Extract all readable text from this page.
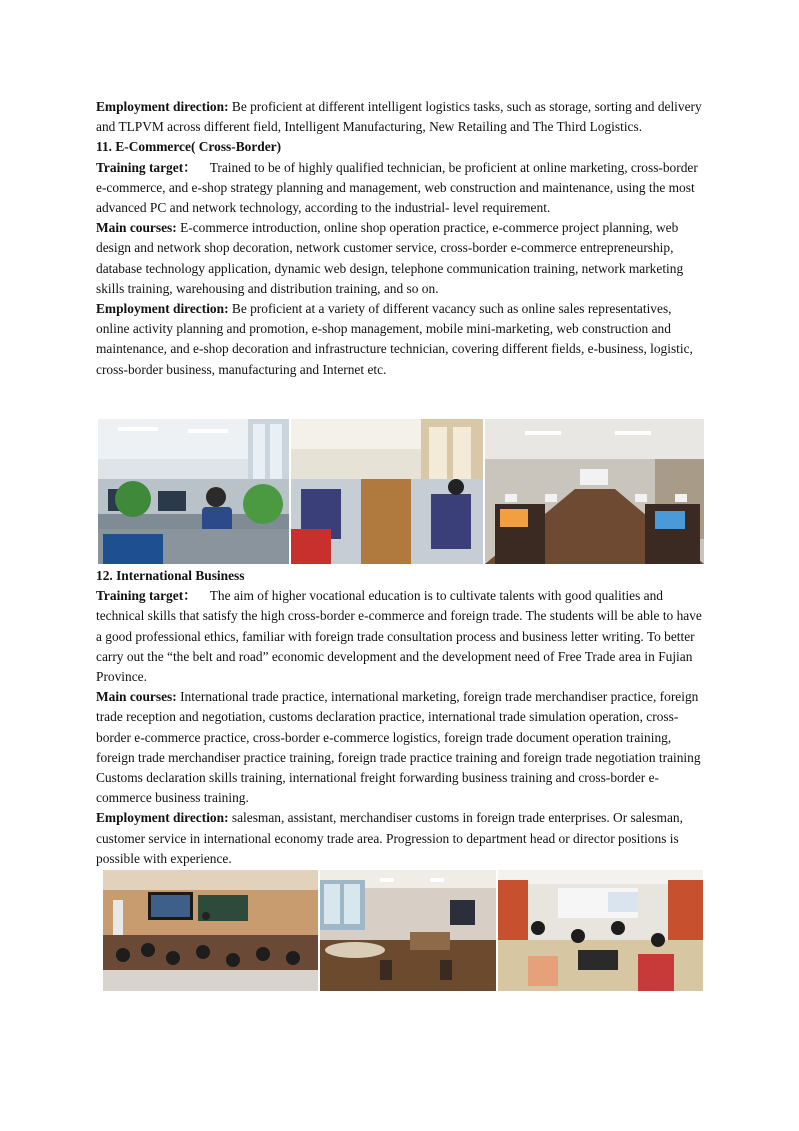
Employment direction: Be proficient at different intelligent logistics tasks, such as storage, sorting and delivery and TLPVM across different field, Intelligent Manufacturing, New Retailing and The Third Logistics.

11. E-Commerce( Cross-Border)

Training target：    Trained to be of highly qualified technician, be proficient at online marketing, cross-border e-commerce, and e-shop strategy planning and management, web construction and maintenance, using the most advanced PC and network technology, according to the industrial- level requirement.

Main courses: E-commerce introduction, online shop operation practice, e-commerce project planning, web design and network shop decoration, network customer service, cross-border e-commerce entrepreneurship, database technology application, dynamic web design, telephone communication training, network marketing skills training, warehousing and distribution training, and so on.

Employment direction: Be proficient at a variety of different vacancy such as online sales representatives, online activity planning and promotion, e-shop management, mobile mini-marketing, web construction and maintenance, and e-shop decoration and infrastructure technician, covering different fields, e-business, logistic, cross-border business, manufacturing and Internet etc.

12. International Business

Training target：    The aim of higher vocational education is to cultivate talents with good qualities and technical skills that satisfy the high cross-border e-commerce and foreign trade. The students will be able to have a good professional ethics, familiar with foreign trade consultation process and business letter writing. To better carry out the “the belt and road” economic development and the development need of Free Trade area in Fujian Province.

Main courses: International trade practice, international marketing, foreign trade merchandiser practice, foreign trade reception and negotiation, customs declaration practice, international trade simulation operation, cross-border e-commerce practice, cross-border e-commerce logistics, foreign trade document operation training, foreign trade merchandiser practice training, foreign trade practice training and foreign trade negotiation training Customs declaration skills training, international freight forwarding business training and cross-border e-commerce business training.

Employment direction: salesman, assistant, merchandiser customs in foreign trade enterprises. Or salesman, customer service in international economy trade area. Progression to department head or director positions is possible with experience.
